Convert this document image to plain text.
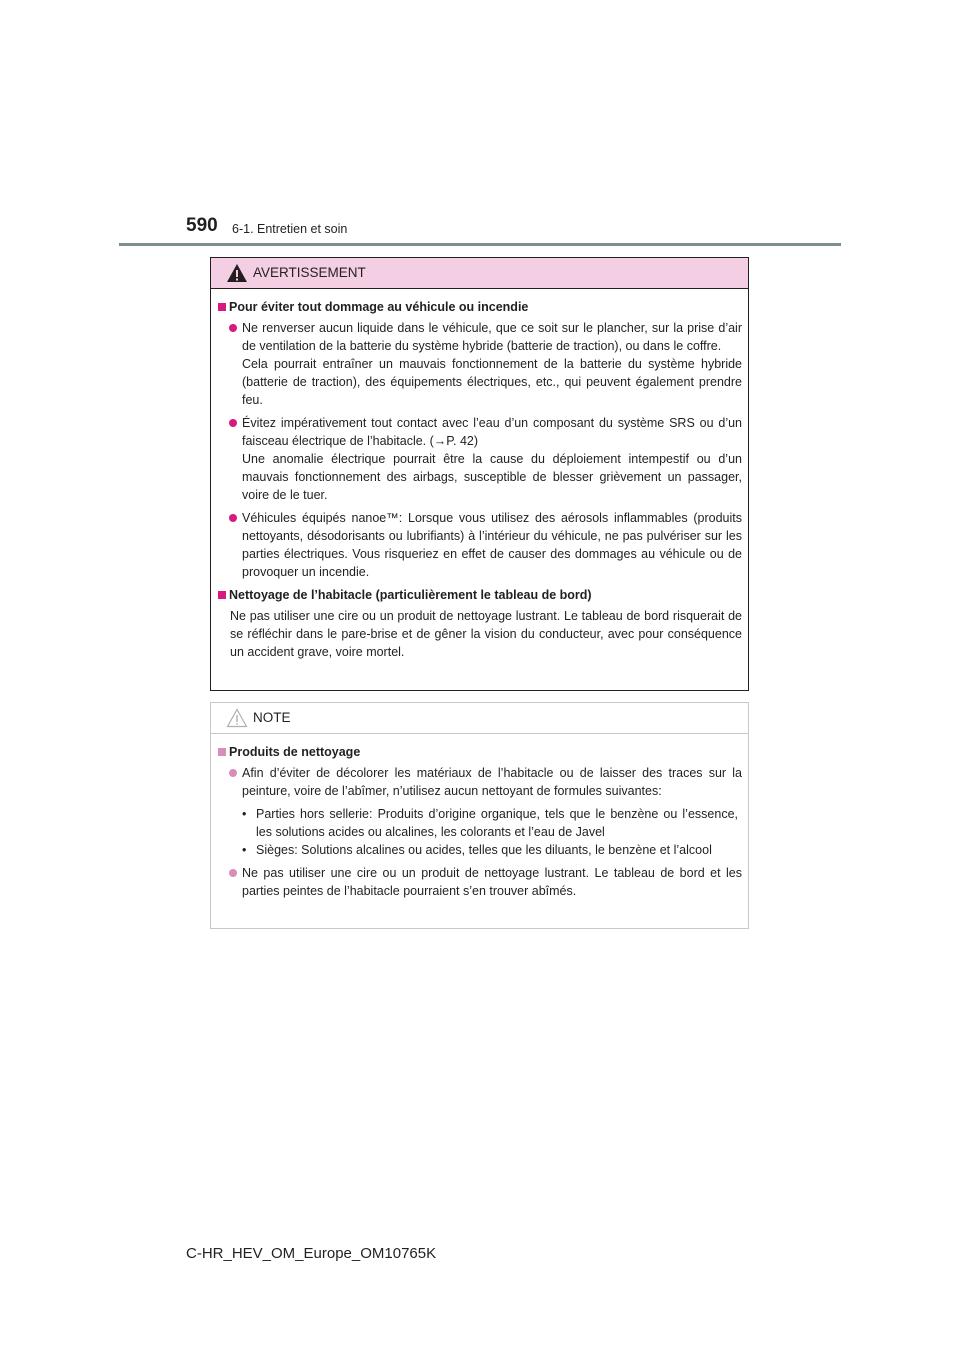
590 6-1. Entretien et soin
AVERTISSEMENT
Pour éviter tout dommage au véhicule ou incendie

Ne renverser aucun liquide dans le véhicule, que ce soit sur le plancher, sur la prise d’air de ventilation de la batterie du système hybride (batterie de traction), ou dans le coffre.

Cela pourrait entraîner un mauvais fonctionnement de la batterie du système hybride (batterie de traction), des équipements électriques, etc., qui peuvent également prendre feu.

Évitez impérativement tout contact avec l’eau d’un composant du système SRS ou d’un faisceau électrique de l’habitacle. (→P. 42)

Une anomalie électrique pourrait être la cause du déploiement intempestif ou d’un mauvais fonctionnement des airbags, susceptible de blesser grièvement un passager, voire de le tuer.

Véhicules équipés nanoe™: Lorsque vous utilisez des aérosols inflammables (produits nettoyants, désodorisants ou lubrifiants) à l’intérieur du véhicule, ne pas pulvériser sur les parties électriques. Vous risqueriez en effet de causer des dommages au véhicule ou de provoquer un incendie.

Nettoyage de l’habitacle (particulièrement le tableau de bord)

Ne pas utiliser une cire ou un produit de nettoyage lustrant. Le tableau de bord risquerait de se réfléchir dans le pare-brise et de gêner la vision du conducteur, avec pour conséquence un accident grave, voire mortel.

NOTE
Produits de nettoyage

Afin d’éviter de décolorer les matériaux de l’habitacle ou de laisser des traces sur la peinture, voire de l’abîmer, n’utilisez aucun nettoyant de formules suivantes:

• Parties hors sellerie: Produits d’origine organique, tels que le benzène ou l’essence, les solutions acides ou alcalines, les colorants et l’eau de Javel
• Sièges: Solutions alcalines ou acides, telles que les diluants, le benzène et l’alcool

Ne pas utiliser une cire ou un produit de nettoyage lustrant. Le tableau de bord et les parties peintes de l’habitacle pourraient s’en trouver abîmés.

C-HR_HEV_OM_Europe_OM10765K
